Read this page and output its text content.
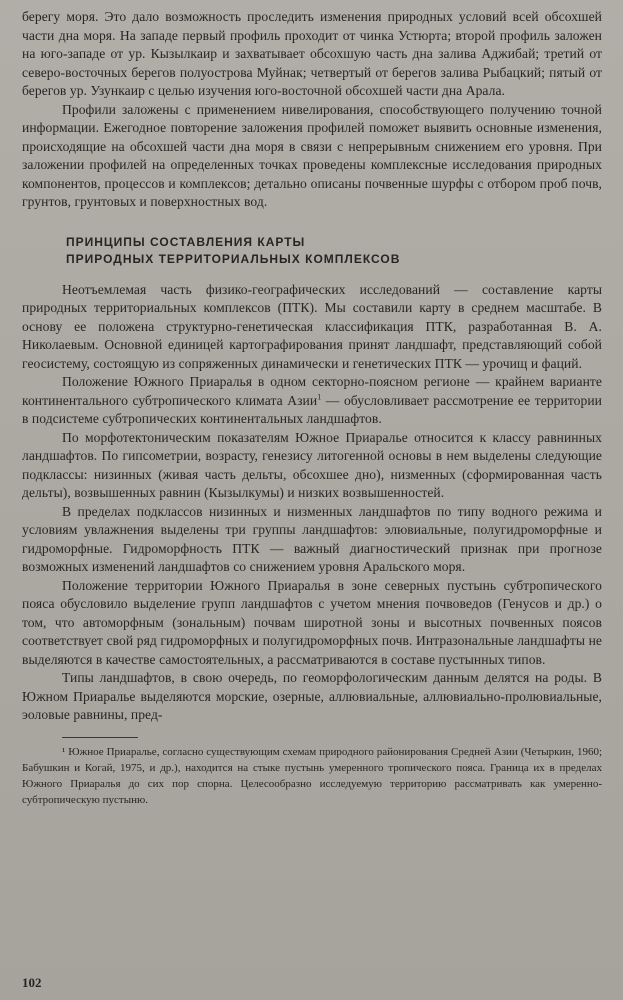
берегу моря. Это дало возможность проследить изменения природных условий всей обсохшей части дна моря. На западе первый профиль проходит от чинка Устюрта; второй профиль заложен на юго-западе от ур. Кызылкаир и захватывает обсохшую часть дна залива Аджибай; третий от северо-восточных берегов полуострова Муйнак; четвертый от берегов залива Рыбацкий; пятый от берегов ур. Узункаир с целью изучения юго-восточной обсохшей части дна Арала.

Профили заложены с применением нивелирования, способствующего получению точной информации. Ежегодное повторение заложения профилей поможет выявить основные изменения, происходящие на обсохшей части дна моря в связи с непрерывным снижением его уровня. При заложении профилей на определенных точках проведены комплексные исследования природных компонентов, процессов и комплексов; детально описаны почвенные шурфы с отбором проб почв, грунтов, грунтовых и поверхностных вод.

ПРИНЦИПЫ СОСТАВЛЕНИЯ КАРТЫ
ПРИРОДНЫХ ТЕРРИТОРИАЛЬНЫХ КОМПЛЕКСОВ

Неотъемлемая часть физико-географических исследований — составление карты природных территориальных комплексов (ПТК). Мы составили карту в среднем масштабе. В основу ее положена структурно-генетическая классификация ПТК, разработанная В. А. Николаевым. Основной единицей картографирования принят ландшафт, представляющий собой геосистему, состоящую из сопряженных динамически и генетических ПТК — урочищ и фаций.

Положение Южного Приаралья в одном секторно-поясном регионе — крайнем варианте континентального субтропического климата Азии$^1$ — обусловливает рассмотрение ее территории в подсистеме субтропических континентальных ландшафтов.

По морфотектоническим показателям Южное Приаралье относится к классу равнинных ландшафтов. По гипсометрии, возрасту, генезису литогенной основы в нем выделены следующие подклассы: низинных (живая часть дельты, обсохшее дно), низменных (сформированная часть дельты), возвышенных равнин (Кызылкумы) и низких возвышенностей.

В пределах подклассов низинных и низменных ландшафтов по типу водного режима и условиям увлажнения выделены три группы ландшафтов: элювиальные, полугидроморфные и гидроморфные. Гидроморфность ПТК — важный диагностический признак при прогнозе возможных изменений ландшафтов со снижением уровня Аральского моря.

Положение территории Южного Приаралья в зоне северных пустынь субтропического пояса обусловило выделение групп ландшафтов с учетом мнения почвоведов (Генусов и др.) о том, что автоморфным (зональным) почвам широтной зоны и высотных почвенных поясов соответствует свой ряд гидроморфных и полугидроморфных почв. Интразональные ландшафты не выделяются в качестве самостоятельных, а рассматриваются в составе пустынных типов.

Типы ландшафтов, в свою очередь, по геоморфологическим данным делятся на роды. В Южном Приаралье выделяются морские, озерные, аллювиальные, аллювиально-пролювиальные, эоловые равнины, пред-

¹ Южное Приаралье, согласно существующим схемам природного районирования Средней Азии (Четыркин, 1960; Бабушкин и Когай, 1975, и др.), находится на стыке пустынь умеренного тропического пояса. Граница их в пределах Южного Приаралья до сих пор спорна. Целесообразно исследуемую территорию рассматривать как умеренно-субтропическую пустыню.

102
